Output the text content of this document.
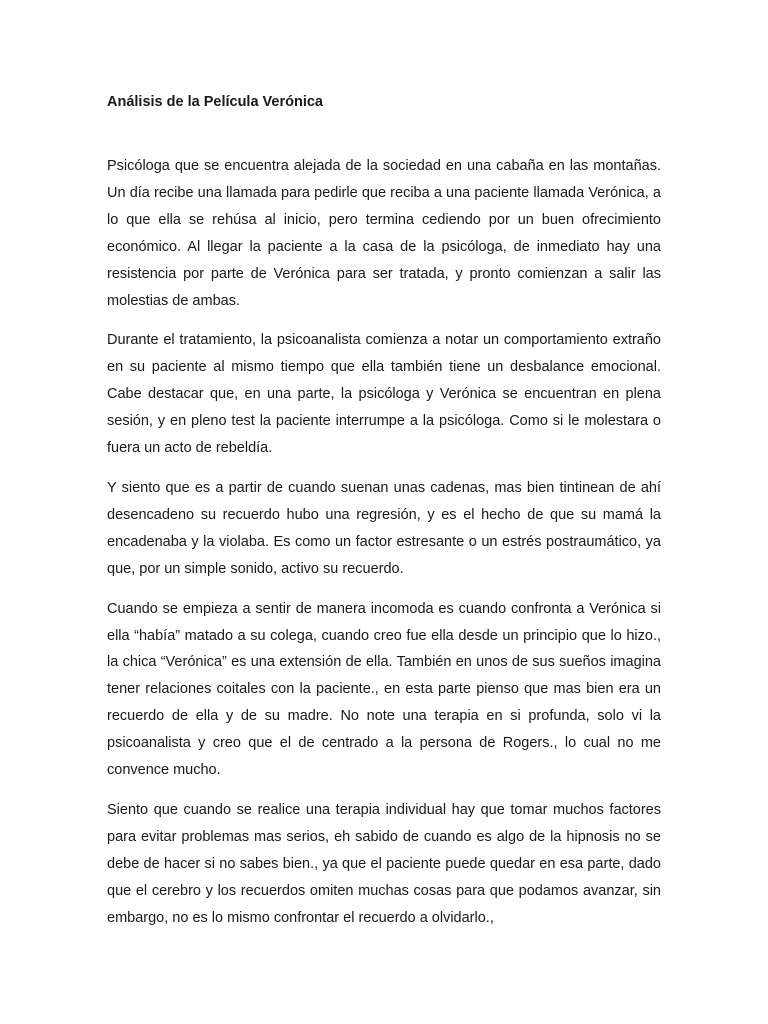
Análisis de la Película Verónica

Psicóloga que se encuentra alejada de la sociedad en una cabaña en las montañas. Un día recibe una llamada para pedirle que reciba a una paciente llamada Verónica, a lo que ella se rehúsa al inicio, pero termina cediendo por un buen ofrecimiento económico. Al llegar la paciente a la casa de la psicóloga, de inmediato hay una resistencia por parte de Verónica para ser tratada, y pronto comienzan a salir las molestias de ambas.

Durante el tratamiento, la psicoanalista comienza a notar un comportamiento extraño en su paciente al mismo tiempo que ella también tiene un desbalance emocional. Cabe destacar que, en una parte, la psicóloga y Verónica se encuentran en plena sesión, y en pleno test la paciente interrumpe a la psicóloga. Como si le molestara o fuera un acto de rebeldía.

Y siento que es a partir de cuando suenan unas cadenas, mas bien tintinean de ahí desencadeno su recuerdo hubo una regresión, y es el hecho de que su mamá la encadenaba y la violaba. Es como un factor estresante o un estrés postraumático, ya que, por un simple sonido, activo su recuerdo.

Cuando se empieza a sentir de manera incomoda es cuando confronta a Verónica si ella “había” matado a su colega, cuando creo fue ella desde un principio que lo hizo., la chica “Verónica” es una extensión de ella. También en unos de sus sueños imagina tener relaciones coitales con la paciente., en esta parte pienso que mas bien era un recuerdo de ella y de su madre. No note una terapia en si profunda, solo vi la psicoanalista y creo que el de centrado a la persona de Rogers., lo cual no me convence mucho.

Siento que cuando se realice una terapia individual hay que tomar muchos factores para evitar problemas mas serios, eh sabido de cuando es algo de la hipnosis no se debe de hacer si no sabes bien., ya que el paciente puede quedar en esa parte, dado que el cerebro y los recuerdos omiten muchas cosas para que podamos avanzar, sin embargo, no es lo mismo confrontar el recuerdo a olvidarlo.,
